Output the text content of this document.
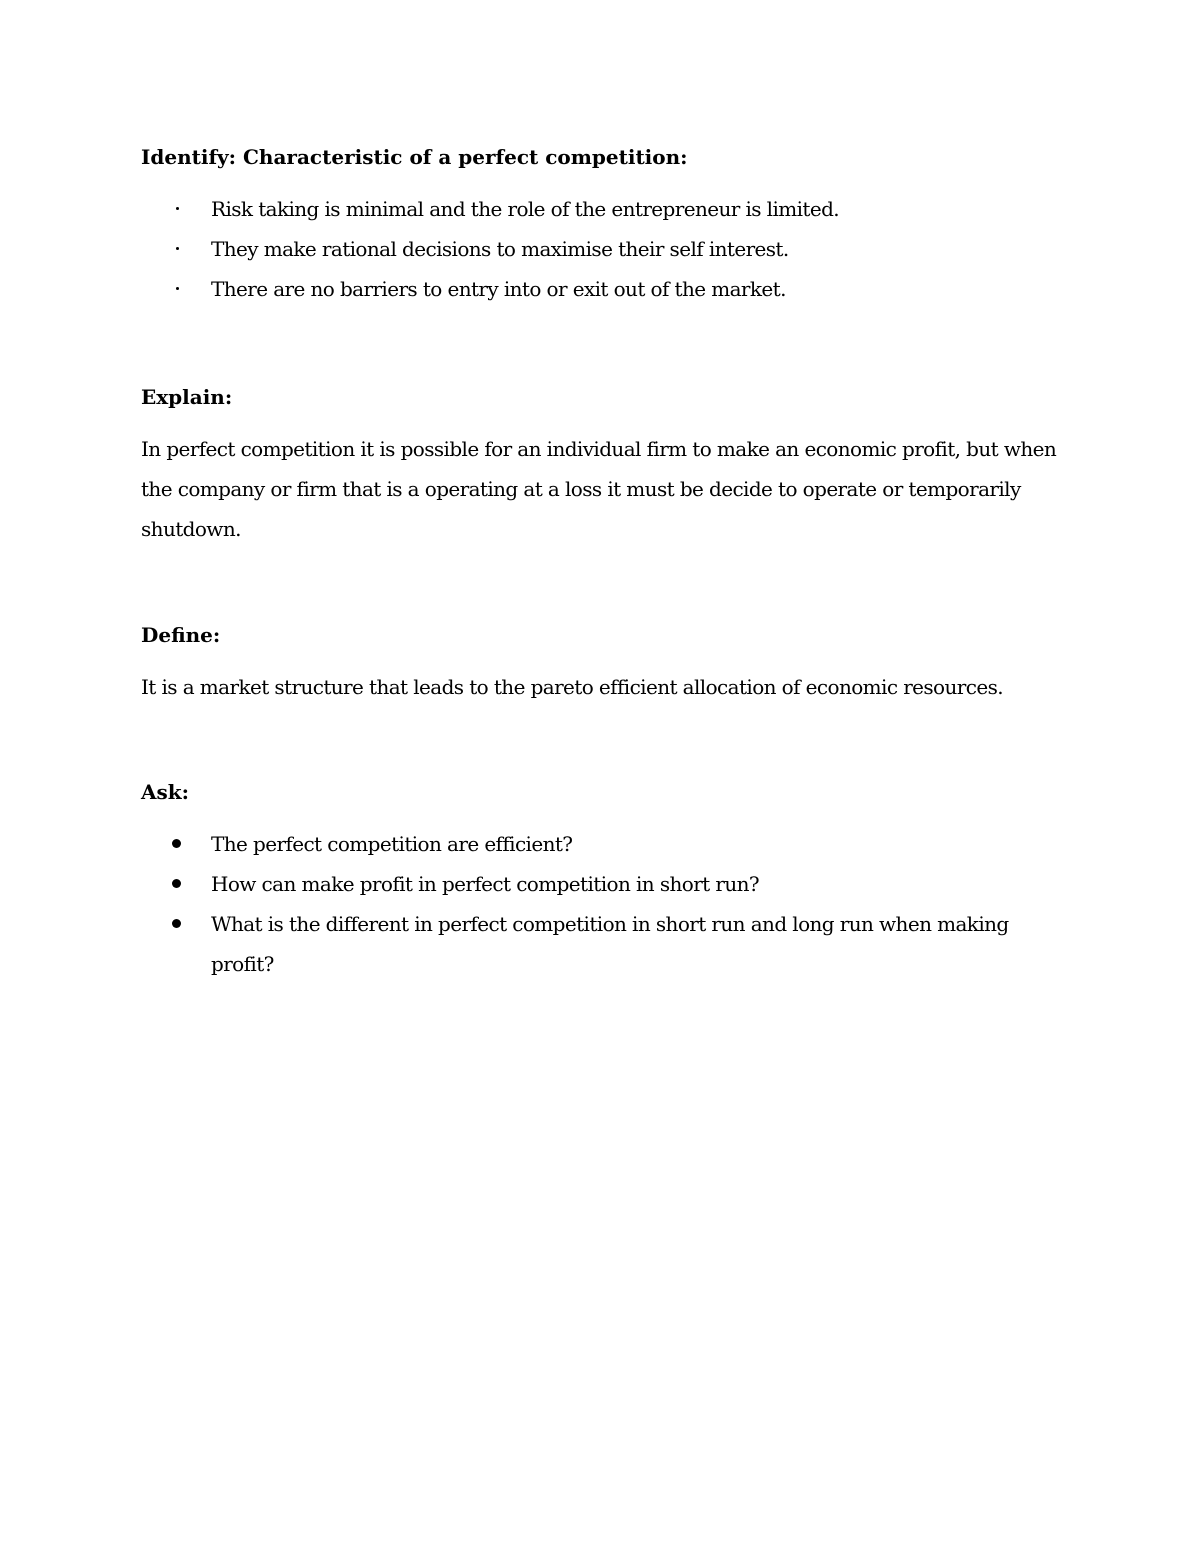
Identify: Characteristic of a perfect competition:
Risk taking is minimal and the role of the entrepreneur is limited.
They make rational decisions to maximise their self interest.
There are no barriers to entry into or exit out of the market.
Explain:
In perfect competition it is possible for an individual firm to make an economic profit, but when
the company or firm that is a operating at a loss it must be decide to operate or temporarily
shutdown.
Define:
It is a market structure that leads to the pareto efficient allocation of economic resources.
Ask:
The perfect competition are efficient?
How can make profit in perfect competition in short run?
What is the different in perfect competition in short run and long run when making
profit?
